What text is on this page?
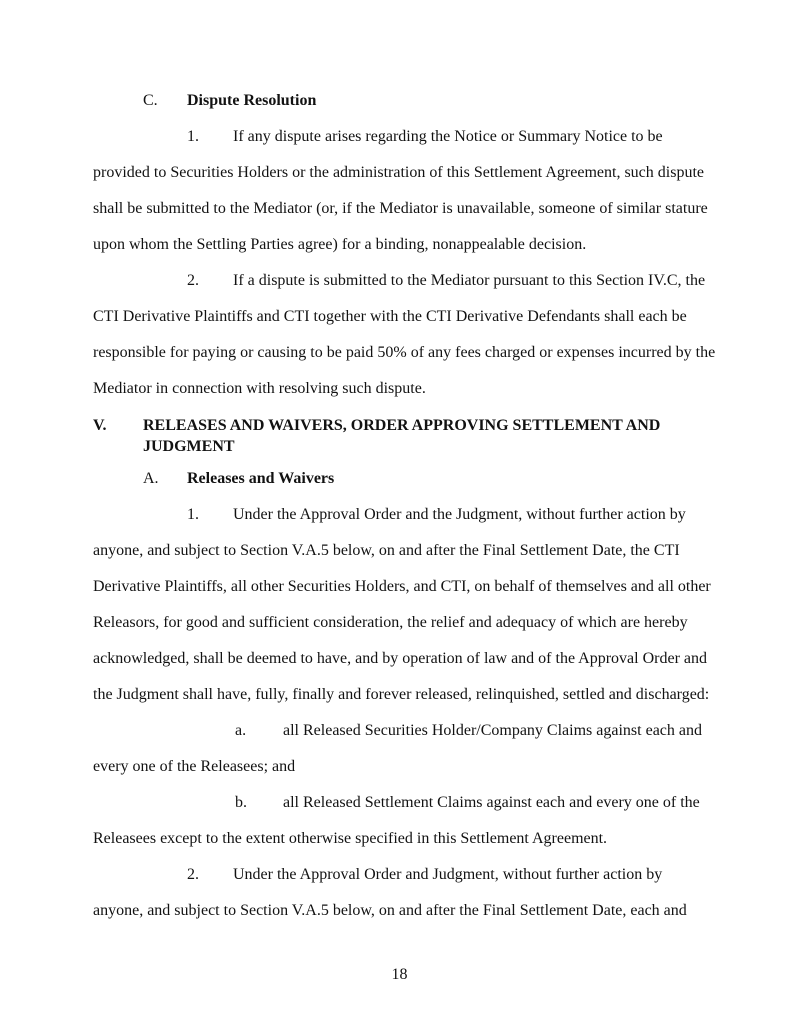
C. Dispute Resolution
1. If any dispute arises regarding the Notice or Summary Notice to be
provided to Securities Holders or the administration of this Settlement Agreement, such dispute
shall be submitted to the Mediator (or, if the Mediator is unavailable, someone of similar stature
upon whom the Settling Parties agree) for a binding, nonappealable decision.
2. If a dispute is submitted to the Mediator pursuant to this Section IV.C, the
CTI Derivative Plaintiffs and CTI together with the CTI Derivative Defendants shall each be
responsible for paying or causing to be paid 50% of any fees charged or expenses incurred by the
Mediator in connection with resolving such dispute.
V. RELEASES AND WAIVERS, ORDER APPROVING SETTLEMENT AND
JUDGMENT
A. Releases and Waivers
1. Under the Approval Order and the Judgment, without further action by
anyone, and subject to Section V.A.5 below, on and after the Final Settlement Date, the CTI
Derivative Plaintiffs, all other Securities Holders, and CTI, on behalf of themselves and all other
Releasors, for good and sufficient consideration, the relief and adequacy of which are hereby
acknowledged, shall be deemed to have, and by operation of law and of the Approval Order and
the Judgment shall have, fully, finally and forever released, relinquished, settled and discharged:
a. all Released Securities Holder/Company Claims against each and
every one of the Releasees; and
b. all Released Settlement Claims against each and every one of the
Releasees except to the extent otherwise specified in this Settlement Agreement.
2. Under the Approval Order and Judgment, without further action by
anyone, and subject to Section V.A.5 below, on and after the Final Settlement Date, each and
18
